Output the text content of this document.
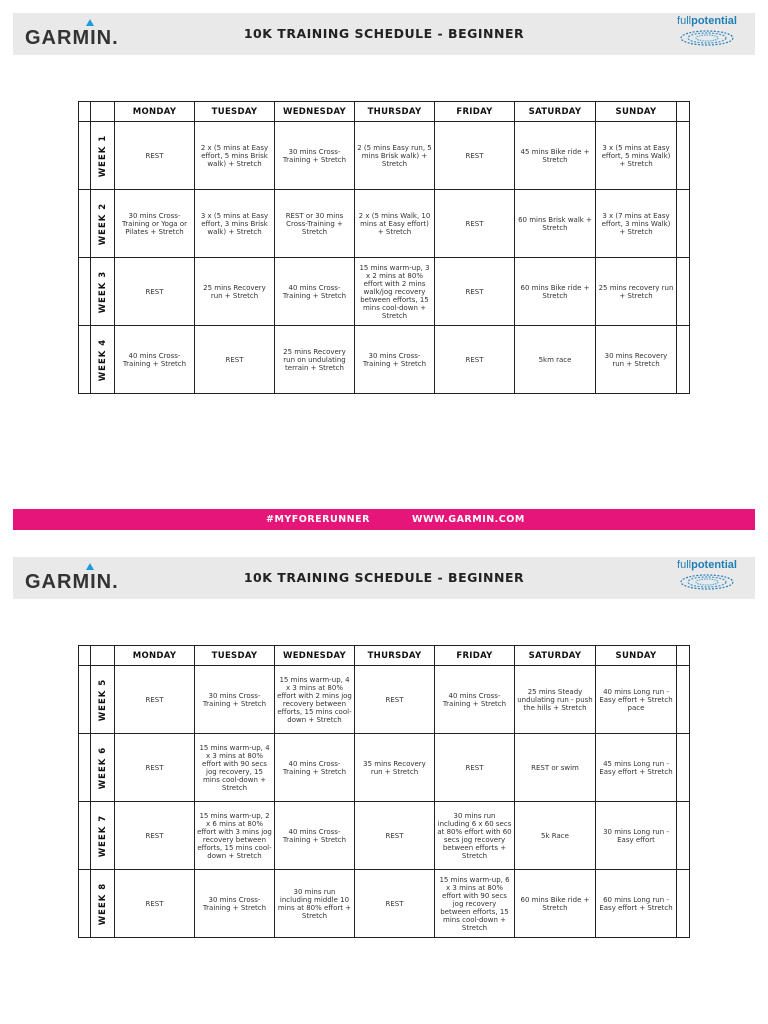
GARMIN.	10K TRAINING SCHEDULE - BEGINNER
fullpotential
		MONDAY	TUESDAY	WEDNESDAY	THURSDAY	FRIDAY	SATURDAY	SUNDAY	

	WEEK 1	REST	2 x (5 mins at Easy effort, 5 mins Brisk walk) + Stretch	30 mins Cross-Training + Stretch	2 (5 mins Easy run, 5 mins Brisk walk) + Stretch	REST	45 mins Bike ride + Stretch	3 x (5 mins at Easy effort, 5 mins Walk) + Stretch	

	WEEK 2	30 mins Cross-Training or Yoga or Pilates + Stretch	3 x (5 mins at Easy effort, 3 mins Brisk walk) + Stretch	REST or 30 mins Cross-Training + Stretch	2 x (5 mins Walk, 10 mins at Easy effort) + Stretch	REST	60 mins Brisk walk + Stretch	3 x (7 mins at Easy effort, 3 mins Walk) + Stretch	

	WEEK 3	REST	25 mins Recovery run + Stretch	40 mins Cross-Training + Stretch	15 mins warm-up, 3 x 2 mins at 80% effort with 2 mins walk/jog recovery between efforts, 15 mins cool-down + Stretch	REST	60 mins Bike ride + Stretch	25 mins recovery run + Stretch	

	WEEK 4	40 mins Cross-Training + Stretch	REST	25 mins Recovery run on undulating terrain + Stretch	30 mins Cross-Training + Stretch	REST	5km race	30 mins Recovery run + Stretch	
#MYFORERUNNER	WWW.GARMIN.COM
GARMIN.	10K TRAINING SCHEDULE - BEGINNER
fullpotential
		MONDAY	TUESDAY	WEDNESDAY	THURSDAY	FRIDAY	SATURDAY	SUNDAY	

	WEEK 5	REST	30 mins Cross-Training + Stretch	15 mins warm-up, 4 x 3 mins at 80% effort with 2 mins jog recovery between efforts, 15 mins cool-down + Stretch	REST	40 mins Cross-Training + Stretch	25 mins Steady undulating run - push the hills + Stretch	40 mins Long run - Easy effort + Stretch pace	

	WEEK 6	REST	15 mins warm-up, 4 x 3 mins at 80% effort with 90 secs jog recovery, 15 mins cool-down + Stretch	40 mins Cross-Training + Stretch	35 mins Recovery run + Stretch	REST	REST or swim	45 mins Long run - Easy effort + Stretch	

	WEEK 7	REST	15 mins warm-up, 2 x 6 mins at 80% effort with 3 mins jog recovery between efforts, 15 mins cool-down + Stretch	40 mins Cross-Training + Stretch	REST	30 mins run including 6 x 60 secs at 80% effort with 60 secs jog recovery between efforts + Stretch	5k Race	30 mins Long run - Easy effort	

	WEEK 8	REST	30 mins Cross-Training + Stretch	30 mins run including middle 10 mins at 80% effort + Stretch	REST	15 mins warm-up, 6 x 3 mins at 80% effort with 90 secs jog recovery between efforts, 15 mins cool-down + Stretch	60 mins Bike ride + Stretch	60 mins Long run - Easy effort + Stretch	
